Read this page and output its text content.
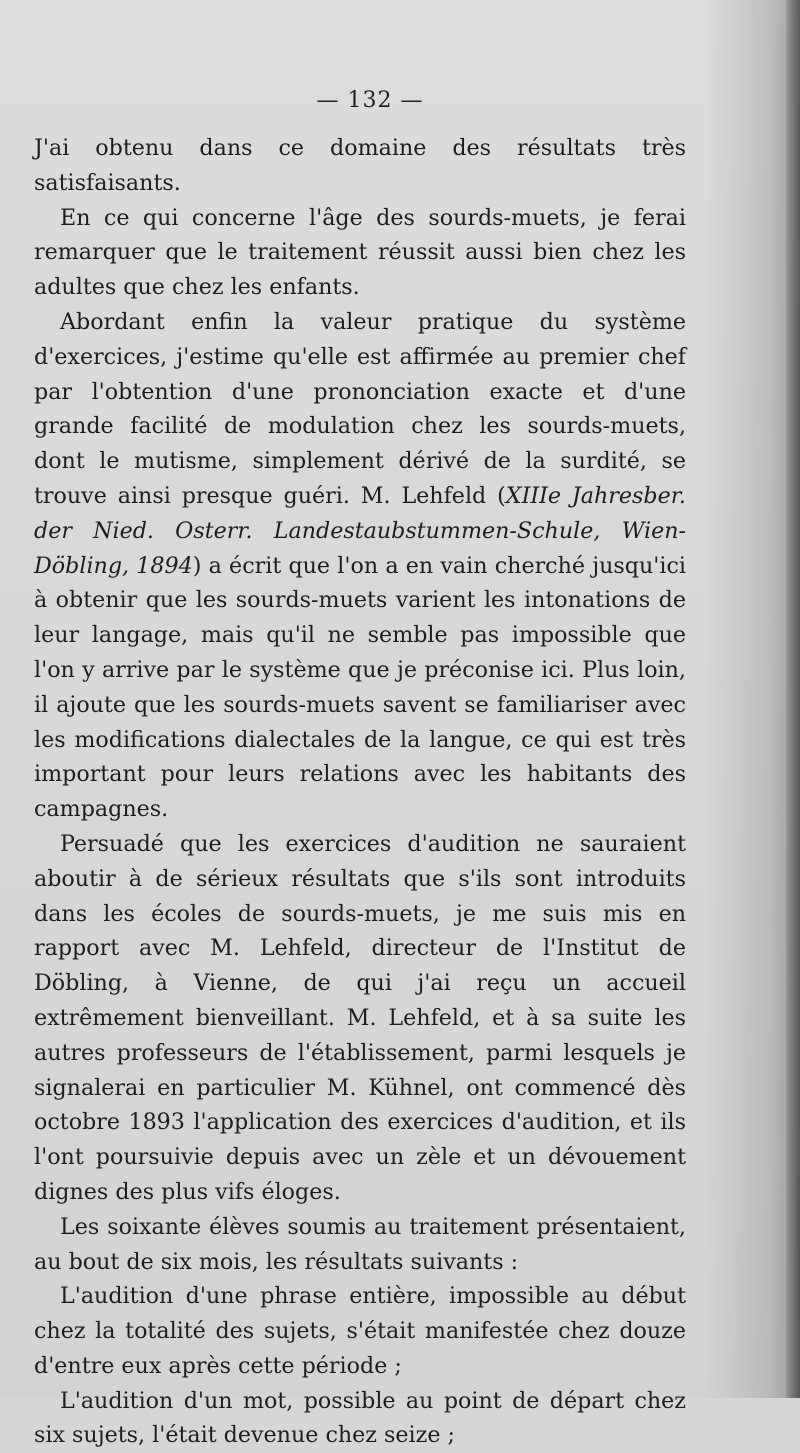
— 132 —

J'ai obtenu dans ce domaine des résultats très satisfaisants.

En ce qui concerne l'âge des sourds-muets, je ferai remarquer que le traitement réussit aussi bien chez les adultes que chez les enfants.

Abordant enfin la valeur pratique du système d'exercices, j'estime qu'elle est affirmée au premier chef par l'obtention d'une prononciation exacte et d'une grande facilité de modulation chez les sourds-muets, dont le mutisme, simplement dérivé de la surdité, se trouve ainsi presque guéri. M. Lehfeld (XIIIe Jahresber. der Nied. Osterr. Landestaubstummen-Schule, Wien-Döbling, 1894) a écrit que l'on a en vain cherché jusqu'ici à obtenir que les sourds-muets varient les intonations de leur langage, mais qu'il ne semble pas impossible que l'on y arrive par le système que je préconise ici. Plus loin, il ajoute que les sourds-muets savent se familiariser avec les modifications dialectales de la langue, ce qui est très important pour leurs relations avec les habitants des campagnes.

Persuadé que les exercices d'audition ne sauraient aboutir à de sérieux résultats que s'ils sont introduits dans les écoles de sourds-muets, je me suis mis en rapport avec M. Lehfeld, directeur de l'Institut de Döbling, à Vienne, de qui j'ai reçu un accueil extrêmement bienveillant. M. Lehfeld, et à sa suite les autres professeurs de l'établissement, parmi lesquels je signalerai en particulier M. Kühnel, ont commencé dès octobre 1893 l'application des exercices d'audition, et ils l'ont poursuivie depuis avec un zèle et un dévouement dignes des plus vifs éloges.

Les soixante élèves soumis au traitement présentaient, au bout de six mois, les résultats suivants :

L'audition d'une phrase entière, impossible au début chez la totalité des sujets, s'était manifestée chez douze d'entre eux après cette période ;

L'audition d'un mot, possible au point de départ chez six sujets, l'était devenue chez seize ;
